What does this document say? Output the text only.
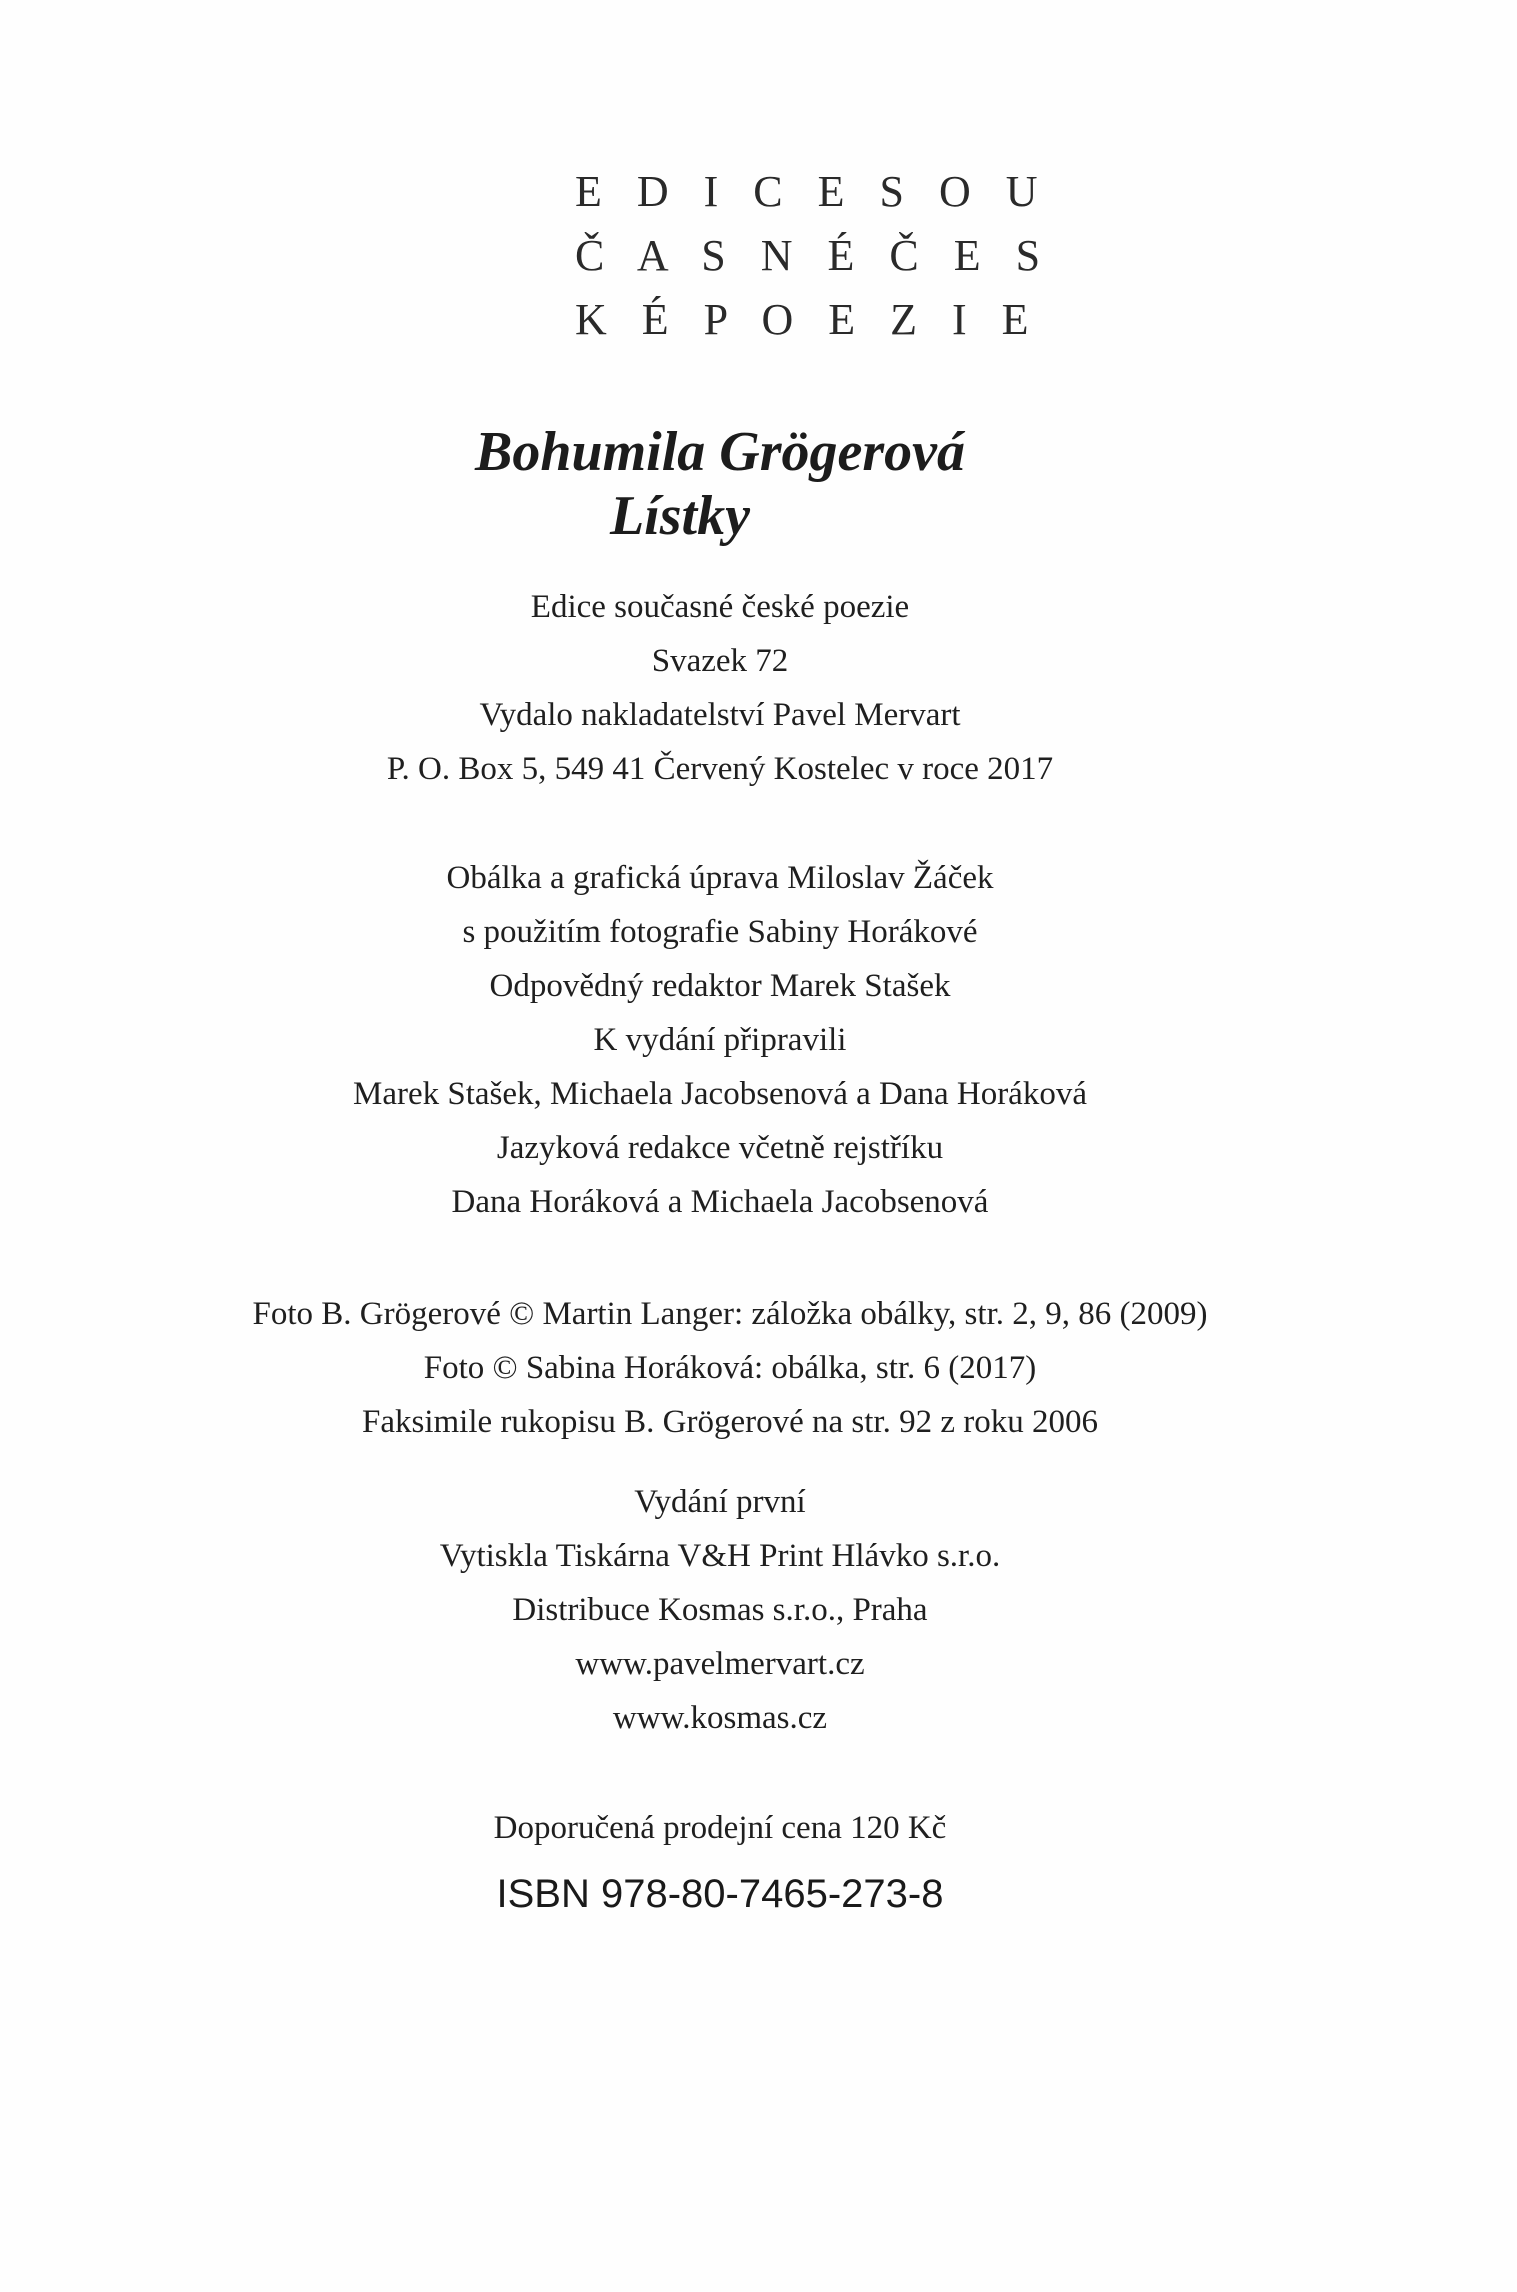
E D I C E S O U
Č A S N É Č E S
K É P O E Z I E
Bohumila Grögerová
Lístky
Edice současné české poezie
Svazek 72
Vydalo nakladatelství Pavel Mervart
P. O. Box 5, 549 41 Červený Kostelec v roce 2017
Obálka a grafická úprava Miloslav Žáček
s použitím fotografie Sabiny Horákové
Odpovědný redaktor Marek Stašek
K vydání připravili
Marek Stašek, Michaela Jacobsenová a Dana Horáková
Jazyková redakce včetně rejstříku
Dana Horáková a Michaela Jacobsenová
Foto B. Grögerové © Martin Langer: záložka obálky, str. 2, 9, 86 (2009)
Foto © Sabina Horáková: obálka, str. 6 (2017)
Faksimile rukopisu B. Grögerové na str. 92 z roku 2006
Vydání první
Vytiskla Tiskárna V&H Print Hlávko s.r.o.
Distribuce Kosmas s.r.o., Praha
www.pavelmervart.cz
www.kosmas.cz
Doporučená prodejní cena 120 Kč
ISBN 978-80-7465-273-8
